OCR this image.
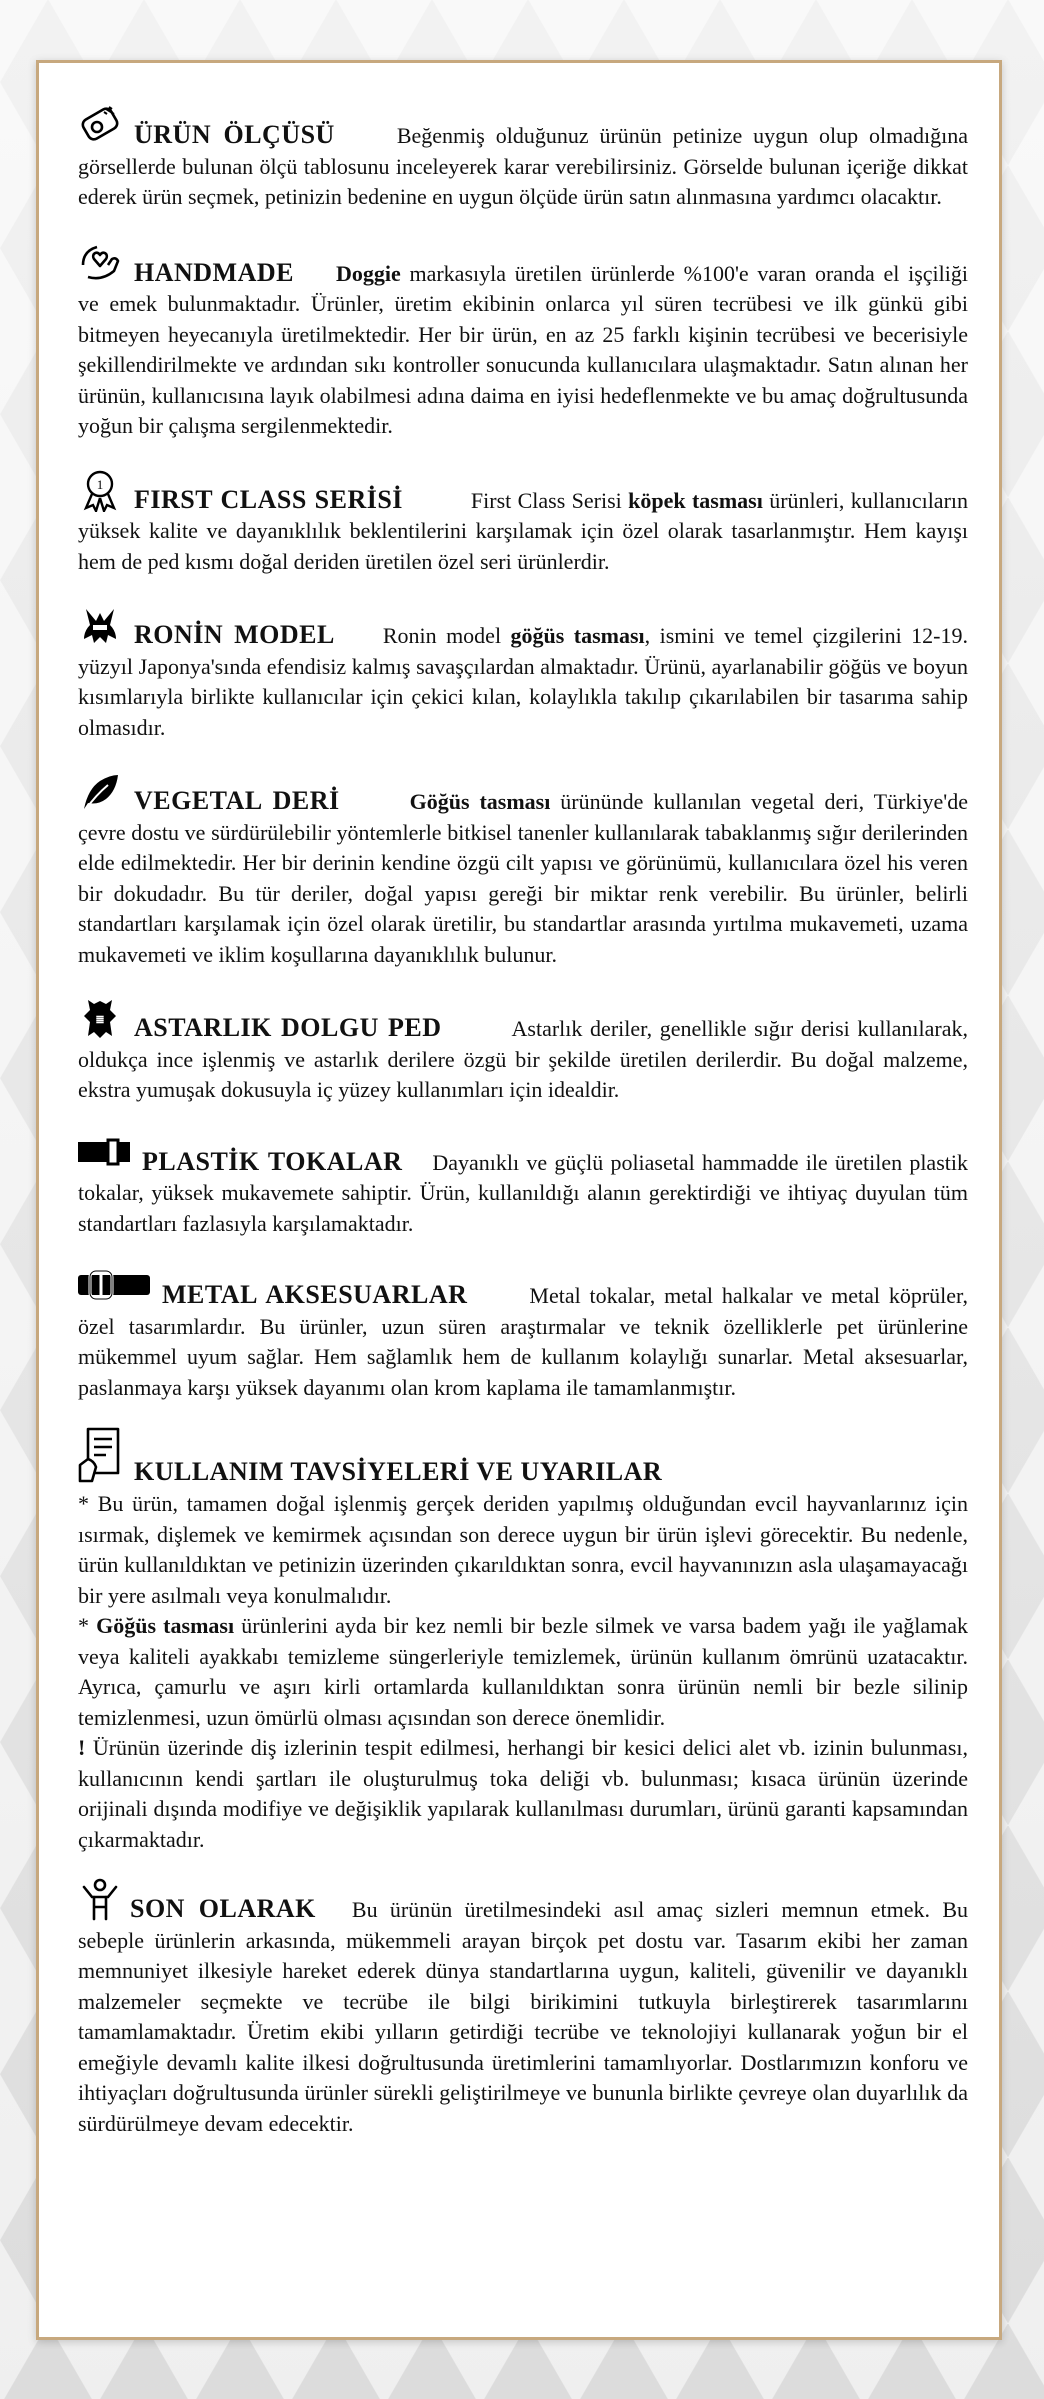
ÜRÜN ÖLÇÜSÜ	Beğenmiş olduğunuz ürünün petinize uygun olup olmadığına görsellerde bulunan ölçü tablosunu inceleyerek karar verebilirsiniz. Görselde bulunan içeriğe dikkat ederek ürün seçmek, petinizin bedenine en uygun ölçüde ürün satın alınmasına yardımcı olacaktır.

HANDMADE Doggie markasıyla üretilen ürünlerde %100'e varan oranda el işçiliği ve emek bulunmaktadır. Ürünler, üretim ekibinin onlarca yıl süren tecrübesi ve ilk günkü gibi bitmeyen heyecanıyla üretilmektedir. Her bir ürün, en az 25 farklı kişinin tecrübesi ve becerisiyle şekillendirilmekte ve ardından sıkı kontroller sonucunda kullanıcılara ulaşmaktadır. Satın alınan her ürünün, kullanıcısına layık olabilmesi adına daima en iyisi hedeflenmekte ve bu amaç doğrultusunda yoğun bir çalışma sergilenmektedir.

1
FIRST CLASS SERİSİ	First Class Serisi köpek tasması ürünleri, kullanıcıların yüksek kalite ve dayanıklılık beklentilerini karşılamak için özel olarak tasarlanmıştır. Hem kayışı hem de ped kısmı doğal deriden üretilen özel seri ürünlerdir.

RONİN MODEL Ronin model göğüs tasması, ismini ve temel çizgilerini 12-19. yüzyıl Japonya'sında efendisiz kalmış savaşçılardan almaktadır. Ürünü, ayarlanabilir göğüs ve boyun kısımlarıyla birlikte kullanıcılar için çekici kılan, kolaylıkla takılıp çıkarılabilen bir tasarıma sahip olmasıdır.

VEGETAL DERİ	Göğüs tasması ürününde kullanılan vegetal deri, Türkiye'de çevre dostu ve sürdürülebilir yöntemlerle bitkisel tanenler kullanılarak tabaklanmış sığır derilerinden elde edilmektedir. Her bir derinin kendine özgü cilt yapısı ve görünümü, kullanıcılara özel his veren bir dokudadır. Bu tür deriler, doğal yapısı gereği bir miktar renk verebilir. Bu ürünler, belirli standartları karşılamak için özel olarak üretilir, bu standartlar arasında yırtılma mukavemeti, uzama mukavemeti ve iklim koşullarına dayanıklılık bulunur.

≣ ASTARLIK DOLGU PED	Astarlık deriler, genellikle sığır derisi kullanılarak, oldukça ince işlenmiş ve astarlık derilere özgü bir şekilde üretilen derilerdir. Bu doğal malzeme, ekstra yumuşak dokusuyla iç yüzey kullanımları için idealdir.

PLASTİK TOKALAR Dayanıklı ve güçlü poliasetal hammadde ile üretilen plastik tokalar, yüksek mukavemete sahiptir. Ürün, kullanıldığı alanın gerektirdiği ve ihtiyaç duyulan tüm standartları fazlasıyla karşılamaktadır.

METAL AKSESUARLAR	Metal tokalar, metal halkalar ve metal köprüler, özel tasarımlardır. Bu ürünler, uzun süren araştırmalar ve teknik özelliklerle pet ürünlerine mükemmel uyum sağlar. Hem sağlamlık hem de kullanım kolaylığı sunarlar. Metal aksesuarlar, paslanmaya karşı yüksek dayanımı olan krom kaplama ile tamamlanmıştır.

KULLANIM TAVSİYELERİ VE UYARILAR

* Bu ürün, tamamen doğal işlenmiş gerçek deriden yapılmış olduğundan evcil hayvanlarınız için ısırmak, dişlemek ve kemirmek açısından son derece uygun bir ürün işlevi görecektir. Bu nedenle, ürün kullanıldıktan ve petinizin üzerinden çıkarıldıktan sonra, evcil hayvanınızın asla ulaşamayacağı bir yere asılmalı veya konulmalıdır.

* Göğüs tasması ürünlerini ayda bir kez nemli bir bezle silmek ve varsa badem yağı ile yağlamak veya kaliteli ayakkabı temizleme süngerleriyle temizlemek, ürünün kullanım ömrünü uzatacaktır. Ayrıca, çamurlu ve aşırı kirli ortamlarda kullanıldıktan sonra ürünün nemli bir bezle silinip temizlenmesi, uzun ömürlü olması açısından son derece önemlidir.

! Ürünün üzerinde diş izlerinin tespit edilmesi, herhangi bir kesici delici alet vb. izinin bulunması, kullanıcının kendi şartları ile oluşturulmuş toka deliği vb. bulunması; kısaca ürünün üzerinde orijinali dışında modifiye ve değişiklik yapılarak kullanılması durumları, ürünü garanti kapsamından çıkarmaktadır.

SON OLARAK Bu ürünün üretilmesindeki asıl amaç sizleri memnun etmek. Bu sebeple ürünlerin arkasında, mükemmeli arayan birçok pet dostu var. Tasarım ekibi her zaman memnuniyet ilkesiyle hareket ederek dünya standartlarına uygun, kaliteli, güvenilir ve dayanıklı malzemeler seçmekte ve tecrübe ile bilgi birikimini tutkuyla birleştirerek tasarımlarını tamamlamaktadır. Üretim ekibi yılların getirdiği tecrübe ve teknolojiyi kullanarak yoğun bir el emeğiyle devamlı kalite ilkesi doğrultusunda üretimlerini tamamlıyorlar. Dostlarımızın konforu ve ihtiyaçları doğrultusunda ürünler sürekli geliştirilmeye ve bununla birlikte çevreye olan duyarlılık da sürdürülmeye devam edecektir.
